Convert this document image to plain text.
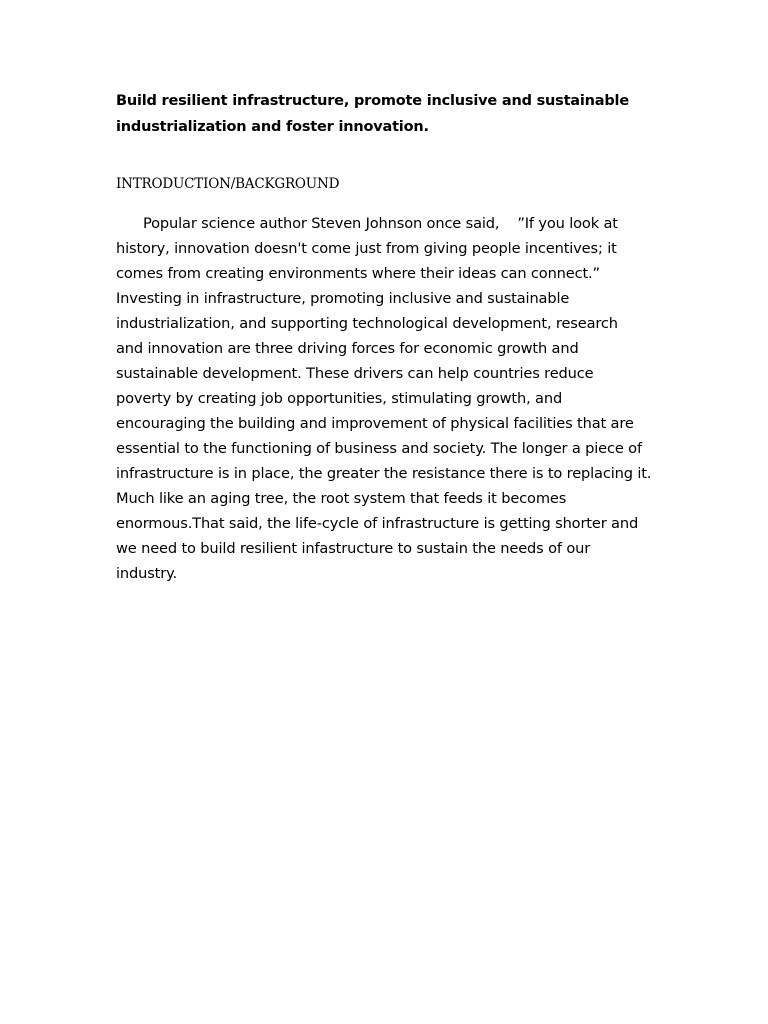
Build resilient infrastructure, promote inclusive and sustainable
industrialization and foster innovation.
INTRODUCTION/BACKGROUND

Popular science author Steven Johnson once said,    ”If you look at
history, innovation doesn't come just from giving people incentives; it
comes from creating environments where their ideas can connect.”
Investing in infrastructure, promoting inclusive and sustainable
industrialization, and supporting technological development, research
and innovation are three driving forces for economic growth and
sustainable development. These drivers can help countries reduce
poverty by creating job opportunities, stimulating growth, and
encouraging the building and improvement of physical facilities that are
essential to the functioning of business and society. The longer a piece of
infrastructure is in place, the greater the resistance there is to replacing it.
Much like an aging tree, the root system that feeds it becomes
enormous.That said, the life-cycle of infrastructure is getting shorter and
we need to build resilient infastructure to sustain the needs of our
industry.
